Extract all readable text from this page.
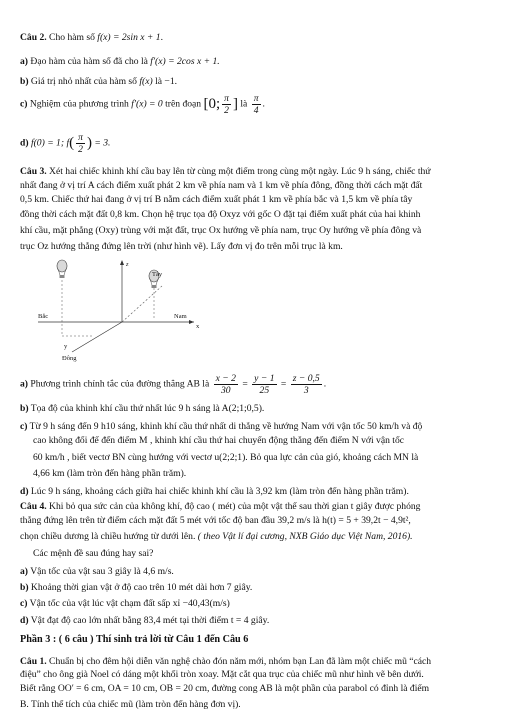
Câu 2. Cho hàm số f(x) = 2sin x + 1.
a) Đạo hàm của hàm số đã cho là f′(x) = 2cos x + 1.
b) Giá trị nhỏ nhất của hàm số f(x) là −1.
c) Nghiệm của phương trình f′(x) = 0 trên đoạn [0; $\frac{\pi}{2}$ ] là $\frac{\pi}{4}$ .
d) f(0) = 1; $f( \frac{\pi}{2}$ ) = 3.
Câu 3. Xét hai chiếc khinh khí cầu bay lên từ cùng một điểm trong cùng một ngày. Lúc 9 h sáng, chiếc thứ
nhất đang ở vị trí A cách điểm xuất phát 2 km về phía nam và 1 km về phía đông, đồng thời cách mặt đất
0,5 km. Chiếc thứ hai đang ở vị trí B nằm cách điểm xuất phát 1 km về phía bắc và 1,5 km về phía tây
đồng thời cách mặt đất 0,8 km. Chọn hệ trục tọa độ Oxyz với gốc O đặt tại điểm xuất phát của hai khinh
khí cầu, mặt phẳng (Oxy) trùng với mặt đất, trục Ox hướng về phía nam, trục Oy hướng về phía đông và
trục Oz hướng thẳng đứng lên trời (như hình vẽ). Lấy đơn vị đo trên mỗi trục là km.
z
x
y
Tây
Bắc	Nam
Đông
a) Phương trình chính tắc của đường thẳng AB là $\frac{x - 2}{30} = \frac{y - 1}{25} = \frac{z - 0,5}{3}$ .
b) Tọa độ của khinh khí cầu thứ nhất lúc 9 h sáng là A(2;1;0,5).
c) Từ 9 h sáng đến 9 h10 sáng, khinh khí cầu thứ nhất di thẳng về hướng Nam với vận tốc 50 km/h và độ
cao không đổi để đến điểm M , khinh khí cầu thứ hai chuyển động thẳng đến điểm N với vận tốc
60 km/h , biết vectơ BN cùng hướng với vectơ u(2;2;1). Bỏ qua lực cản của gió, khoảng cách MN là
4,66 km (làm tròn đến hàng phần trăm).
d) Lúc 9 h sáng, khoảng cách giữa hai chiếc khinh khí cầu là 3,92 km (làm tròn đến hàng phần trăm).
Câu 4. Khi bỏ qua sức cản của không khí, độ cao ( mét) của một vật thể sau thời gian t giây được phóng
thẳng đứng lên trên từ điểm cách mặt đất 5 mét với tốc độ ban đầu 39,2 m/s là h(t) = 5 + 39,2t − 4,9t²,
chọn chiều dương là chiều hướng từ dưới lên. ( theo Vật lí đại cương, NXB Giáo dục Việt Nam, 2016).
Các mệnh đề sau đúng hay sai?
a) Vận tốc của vật sau 3 giây là 4,6 m/s.
b) Khoảng thời gian vật ở độ cao trên 10 mét dài hơn 7 giây.
c) Vận tốc của vật lúc vật chạm đất sấp xỉ −40,43(m/s)
d) Vật đạt độ cao lớn nhất bằng 83,4 mét tại thời điểm t = 4 giây.
Phần 3 : ( 6 câu ) Thí sinh trả lời từ Câu 1 đến Câu 6
Câu 1. Chuẩn bị cho đêm hội diễn văn nghệ chào đón năm mới, nhóm bạn Lan đã làm một chiếc mũ “cách
điệu” cho ông già Noel có dáng một khối tròn xoay. Mặt cắt qua trục của chiếc mũ như hình vẽ bên dưới.
Biết rằng OO′ = 6 cm, OA = 10 cm, OB = 20 cm, đường cong AB là một phần của parabol có đỉnh là điểm
B. Tính thể tích của chiếc mũ (làm tròn đến hàng đơn vị).
